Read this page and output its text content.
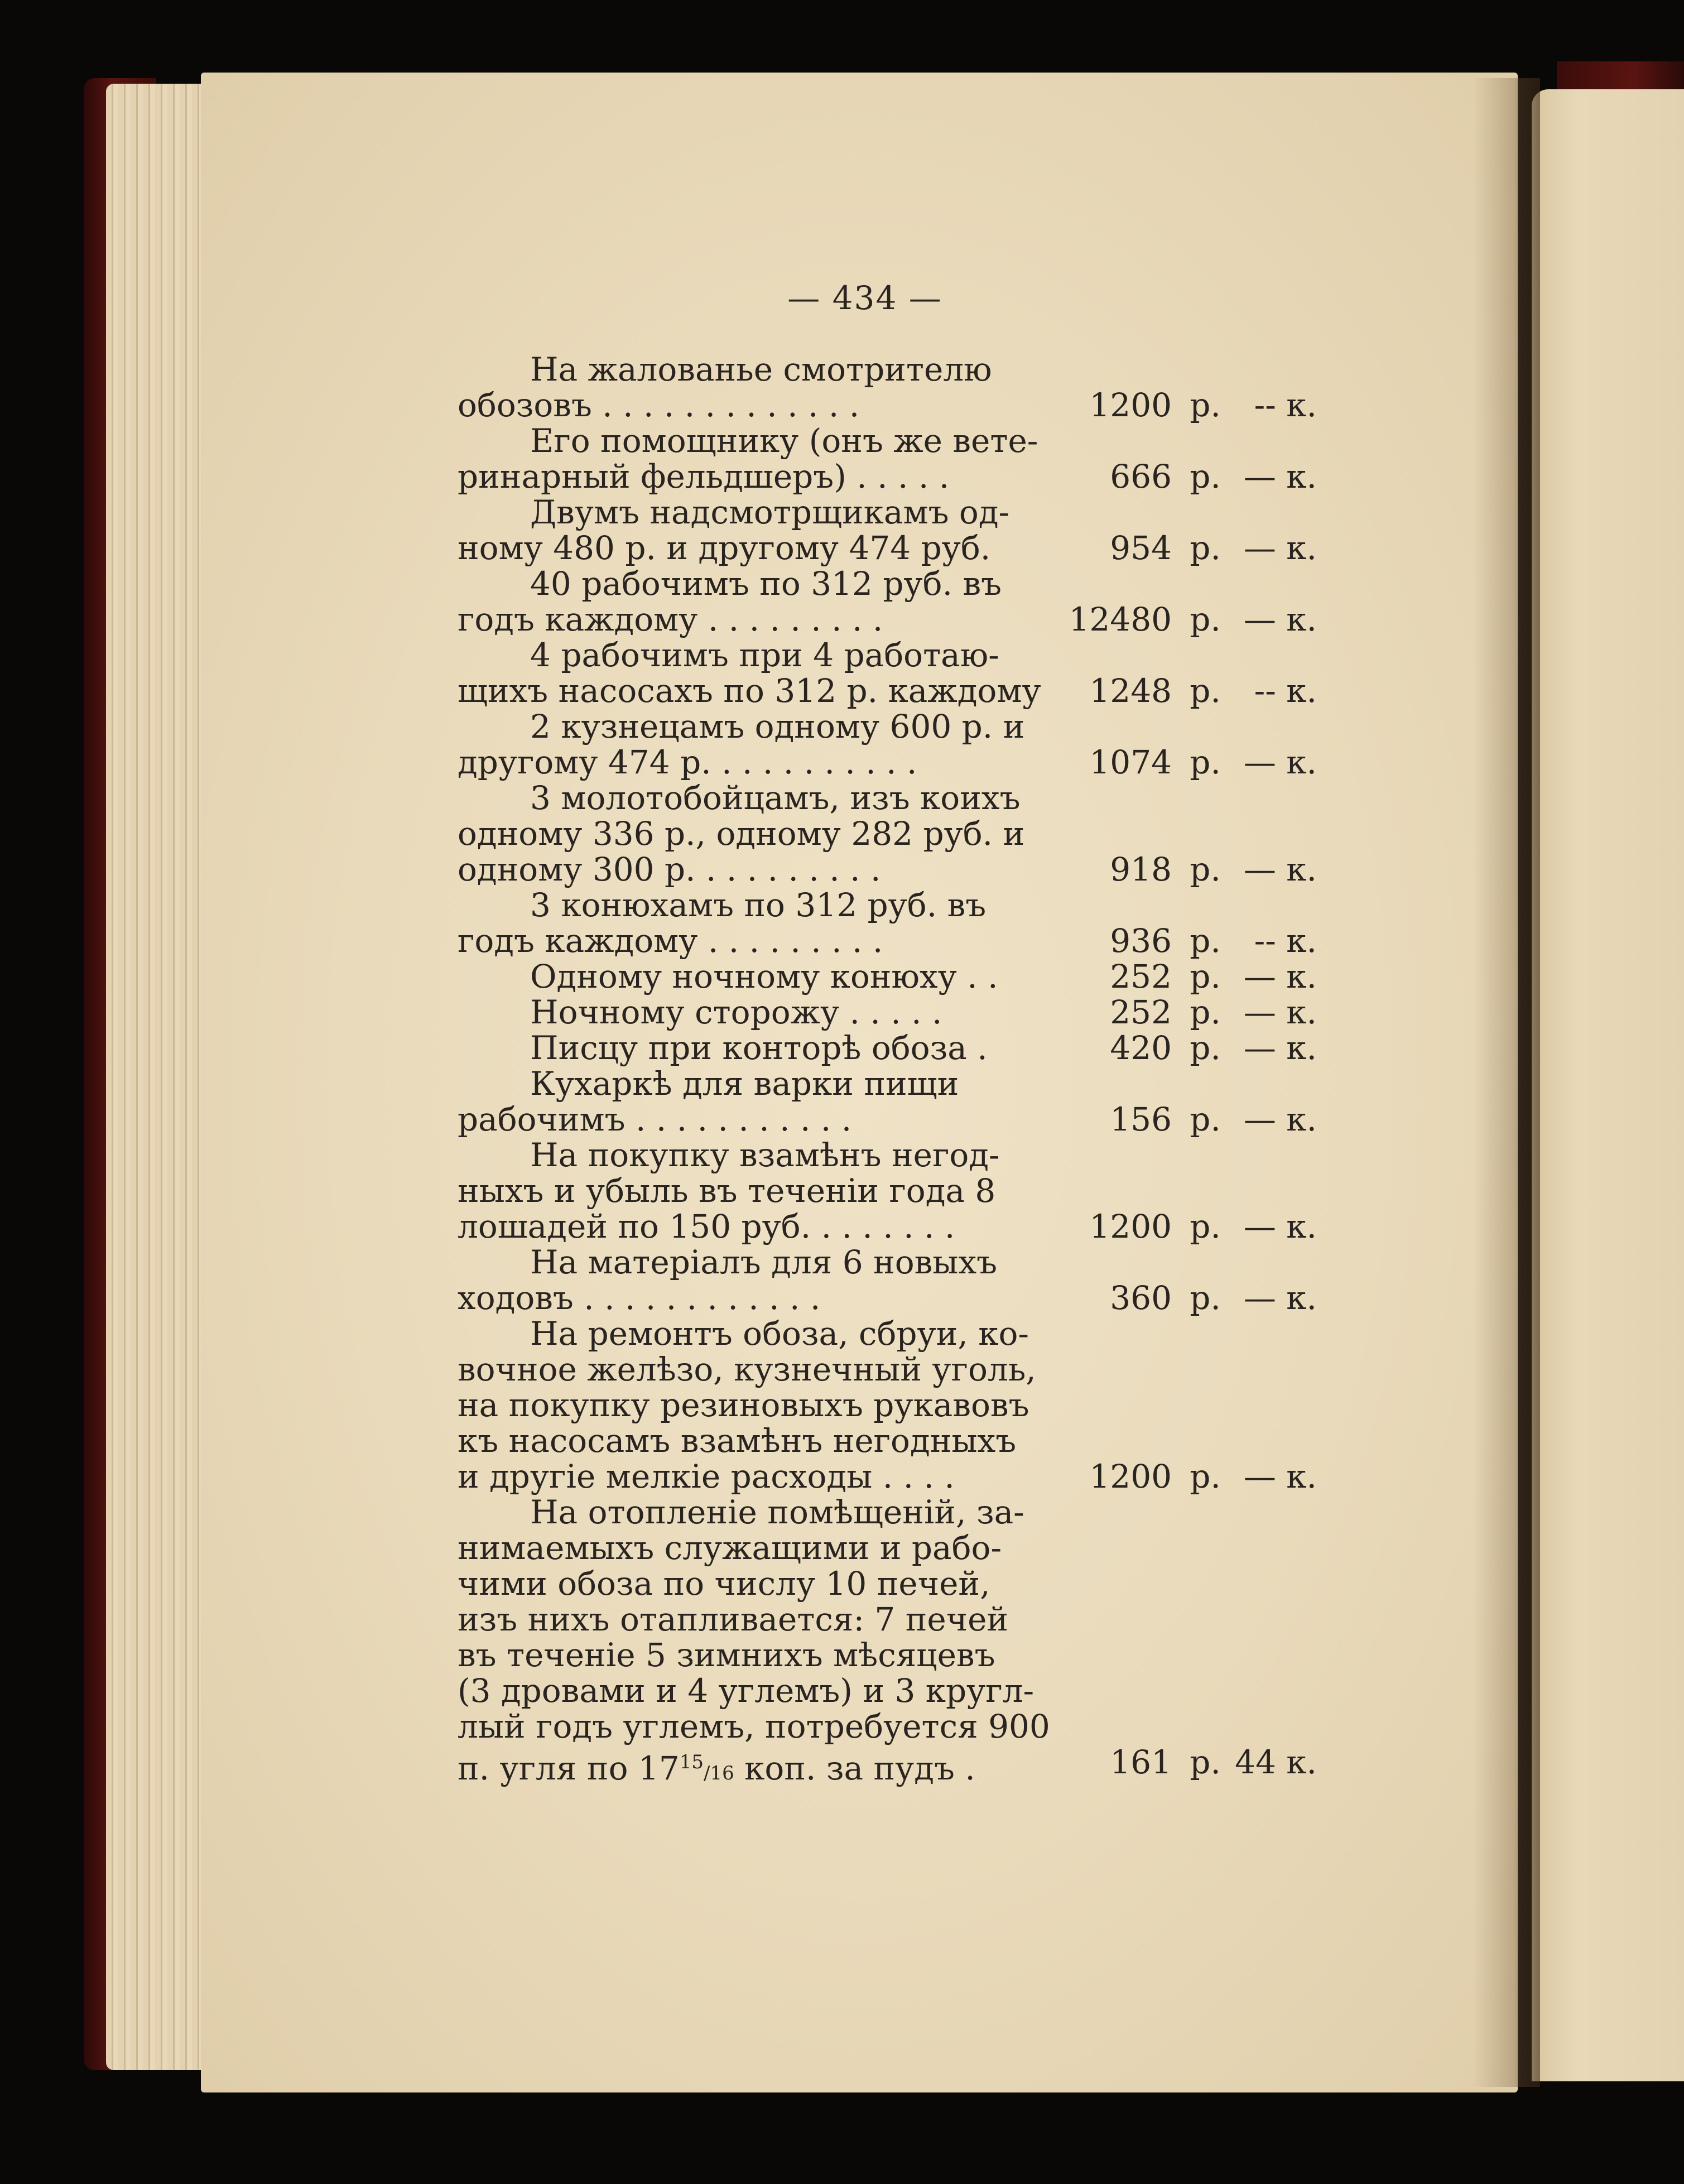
— 434 —
На жалованье смотрителю
обозовъ . . . . . . . . . . . . .	1200 р. -- к.
Его помощнику (онъ же вете-
ринарный фельдшеръ) . . . . .	666 р. — к.
Двумъ надсмотрщикамъ од-
ному 480 р. и другому 474 руб.	954 р. — к.
40 рабочимъ по 312 руб. въ
годъ каждому . . . . . . . . .	12480 р. — к.
4 рабочимъ при 4 работаю-
щихъ насосахъ по 312 р. каждому	1248 р. -- к.
2 кузнецамъ одному 600 р. и
другому 474 р. . . . . . . . . . .	1074 р. — к.
3 молотобойцамъ, изъ коихъ
одному 336 р., одному 282 руб. и
одному 300 р. . . . . . . . . .	918 р. — к.
3 конюхамъ по 312 руб. въ
годъ каждому . . . . . . . . .	936 р. -- к.
Одному ночному конюху . .	252 р. — к.
Ночному сторожу . . . . .	252 р. — к.
Писцу при конторѣ обоза .	420 р. — к.
Кухаркѣ для варки пищи
рабочимъ . . . . . . . . . . .	156 р. — к.
На покупку взамѣнъ негод-
ныхъ и убыль въ теченіи года 8
лошадей по 150 руб. . . . . . . .	1200 р. — к.
На матеріалъ для 6 новыхъ
ходовъ . . . . . . . . . . . .	360 р. — к.
На ремонтъ обоза, сбруи, ко-
вочное желѣзо, кузнечный уголь,
на покупку резиновыхъ рукавовъ
къ насосамъ взамѣнъ негодныхъ
и другіе мелкіе расходы . . . .	1200 р. — к.
На отопленіе помѣщеній, за-
нимаемыхъ служащими и рабо-
чими обоза по числу 10 печей,
изъ нихъ отапливается: 7 печей
въ теченіе 5 зимнихъ мѣсяцевъ
(3 дровами и 4 углемъ) и 3 кругл-
лый годъ углемъ, потребуется 900
п. угля по $17^{15}/16$ коп. за пудъ .	161 р. 44 к.
